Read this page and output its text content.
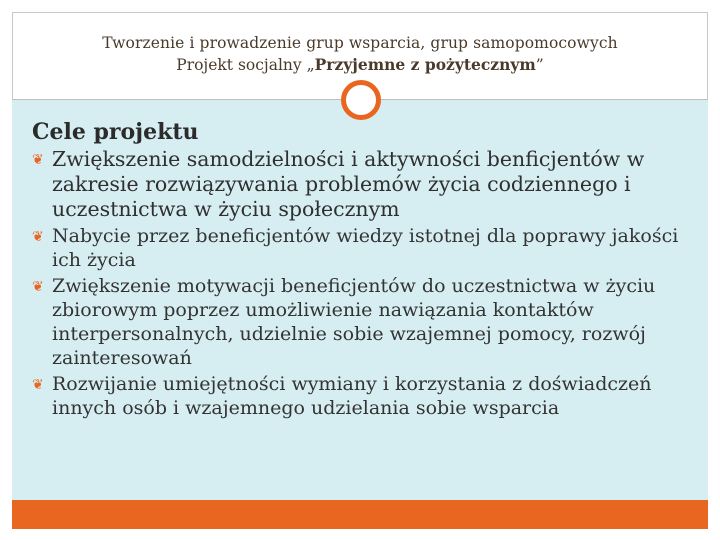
Tworzenie i prowadzenie grup wsparcia, grup samopomocowych
Projekt socjalny „Przyjemne z pożytecznym”
Cele projektu
❦ Zwiększenie samodzielności i aktywności benficjentów w zakresie rozwiązywania problemów życia codziennego i uczestnictwa w życiu społecznym
❦ Nabycie przez beneficjentów wiedzy istotnej dla poprawy jakości ich życia
❦ Zwiększenie motywacji beneficjentów do uczestnictwa w życiu zbiorowym poprzez umożliwienie nawiązania kontaktów interpersonalnych, udzielnie sobie wzajemnej pomocy, rozwój zainteresowań
❦ Rozwijanie umiejętności wymiany i korzystania z doświadczeń innych osób i wzajemnego udzielania sobie wsparcia
